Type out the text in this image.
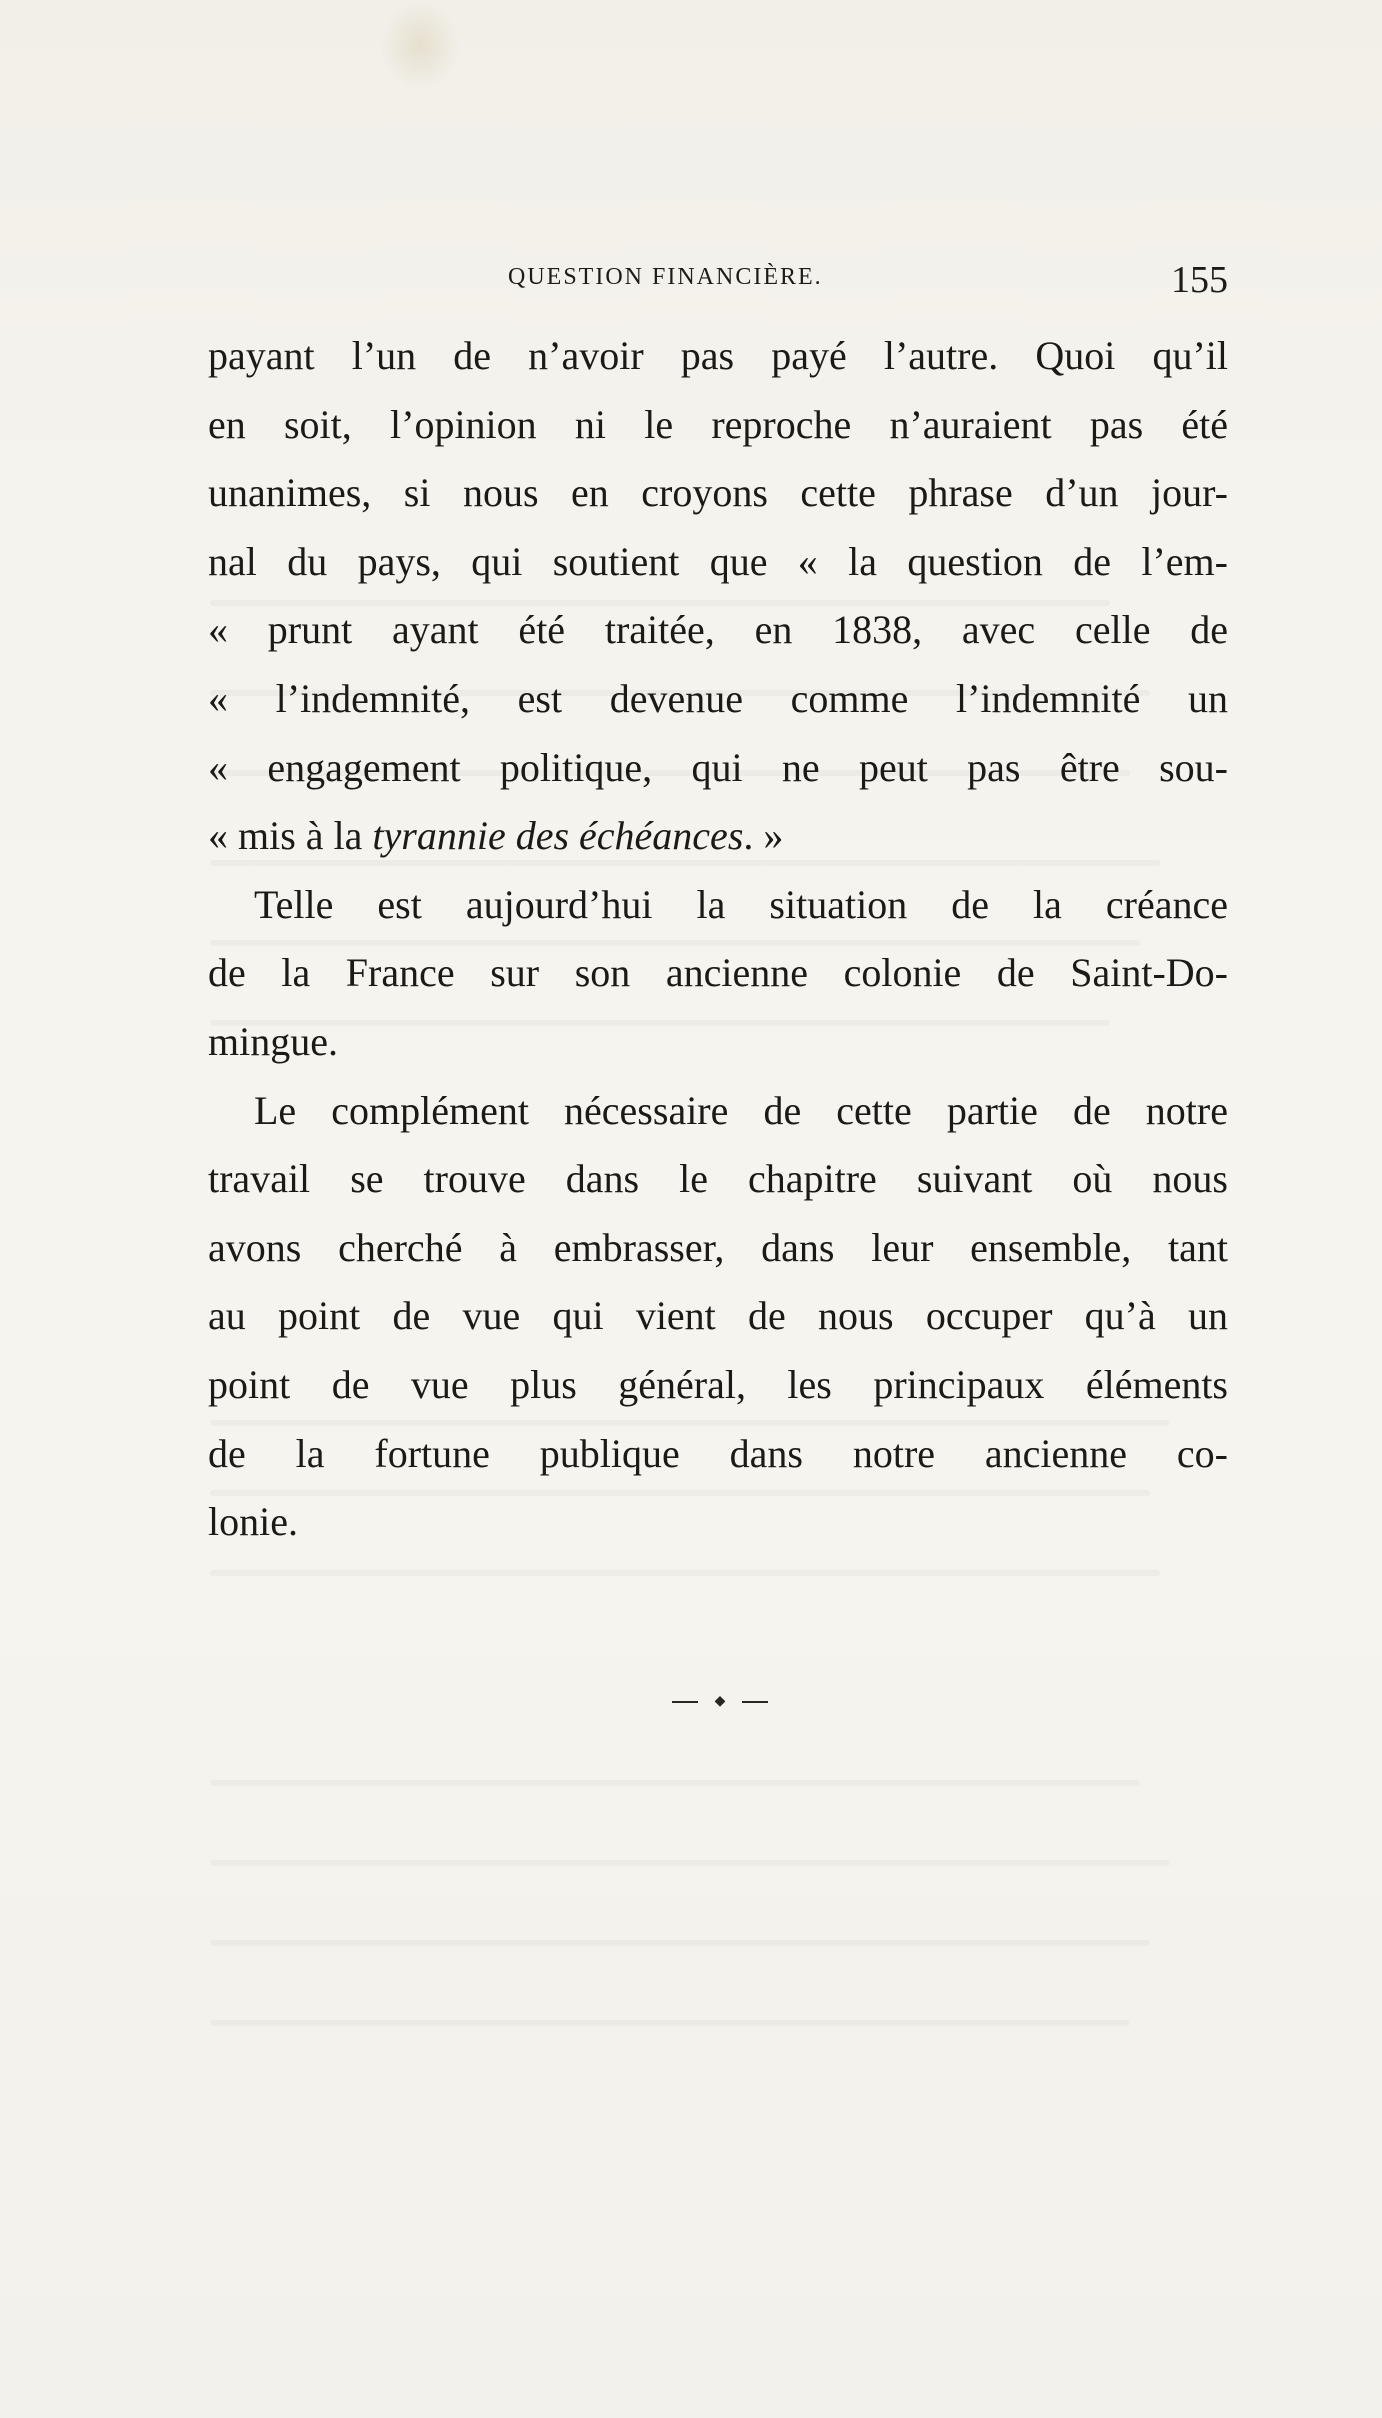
QUESTION FINANCIÈRE.	155
payant l’un de n’avoir pas payé l’autre. Quoi qu’il
en soit, l’opinion ni le reproche n’auraient pas été
unanimes, si nous en croyons cette phrase d’un jour-
nal du pays, qui soutient que « la question de l’em-
« prunt ayant été traitée, en 1838, avec celle de
« l’indemnité, est devenue comme l’indemnité un
« engagement politique, qui ne peut pas être sou-
« mis à la tyrannie des échéances. »
Telle est aujourd’hui la situation de la créance
de la France sur son ancienne colonie de Saint-Do-
mingue.
Le complément nécessaire de cette partie de notre
travail se trouve dans le chapitre suivant où nous
avons cherché à embrasser, dans leur ensemble, tant
au point de vue qui vient de nous occuper qu’à un
point de vue plus général, les principaux éléments
de la fortune publique dans notre ancienne co-
lonie.
◆
